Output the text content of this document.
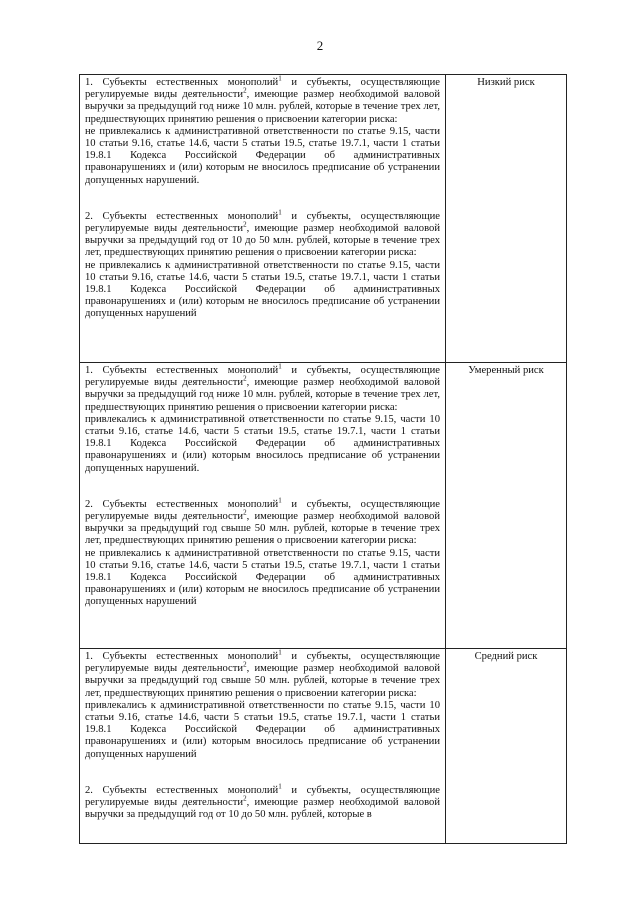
2
1. Субъекты естественных монополий$^1$ и субъекты, осуществляющие регулируемые виды деятельности$^2$, имеющие размер необходимой валовой выручки за предыдущий год ниже 10 млн. рублей, которые в течение трех лет, предшествующих принятию решения о присвоении категории риска:
не привлекались к административной ответственности по статье 9.15, части 10 статьи 9.16, статье 14.6, части 5 статьи 19.5, статье 19.7.1, части 1 статьи 19.8.1 Кодекса Российской Федерации об административных правонарушениях и (или) которым не вносилось предписание об устранении допущенных нарушений.
2. Субъекты естественных монополий$^1$ и субъекты, осуществляющие регулируемые виды деятельности$^2$, имеющие размер необходимой валовой выручки за предыдущий год от 10 до 50 млн. рублей, которые в течение трех лет, предшествующих принятию решения о присвоении категории риска:
не привлекались к административной ответственности по статье 9.15, части 10 статьи 9.16, статье 14.6, части 5 статьи 19.5, статье 19.7.1, части 1 статьи 19.8.1 Кодекса Российской Федерации об административных правонарушениях и (или) которым не вносилось предписание об устранении допущенных нарушений	Низкий риск

1. Субъекты естественных монополий$^1$ и субъекты, осуществляющие регулируемые виды деятельности$^2$, имеющие размер необходимой валовой выручки за предыдущий год ниже 10 млн. рублей, которые в течение трех лет, предшествующих принятию решения о присвоении категории риска:
привлекались к административной ответственности по статье 9.15, части 10 статьи 9.16, статье 14.6, части 5 статьи 19.5, статье 19.7.1, части 1 статьи 19.8.1 Кодекса Российской Федерации об административных правонарушениях и (или) которым вносилось предписание об устранении допущенных нарушений.
2. Субъекты естественных монополий$^1$ и субъекты, осуществляющие регулируемые виды деятельности$^2$, имеющие размер необходимой валовой выручки за предыдущий год свыше 50 млн. рублей, которые в течение трех лет, предшествующих принятию решения о присвоении категории риска:
не привлекались к административной ответственности по статье 9.15, части 10 статьи 9.16, статье 14.6, части 5 статьи 19.5, статье 19.7.1, части 1 статьи 19.8.1 Кодекса Российской Федерации об административных правонарушениях и (или) которым не вносилось предписание об устранении допущенных нарушений	Умеренный риск

1. Субъекты естественных монополий$^1$ и субъекты, осуществляющие регулируемые виды деятельности$^2$, имеющие размер необходимой валовой выручки за предыдущий год свыше 50 млн. рублей, которые в течение трех лет, предшествующих принятию решения о присвоении категории риска:
привлекались к административной ответственности по статье 9.15, части 10 статьи 9.16, статье 14.6, части 5 статьи 19.5, статье 19.7.1, части 1 статьи 19.8.1 Кодекса Российской Федерации об административных правонарушениях и (или) которым вносилось предписание об устранении допущенных нарушений
2. Субъекты естественных монополий$^1$ и субъекты, осуществляющие регулируемые виды деятельности$^2$, имеющие размер необходимой валовой выручки за предыдущий год от 10 до 50 млн. рублей, которые в	Средний риск
